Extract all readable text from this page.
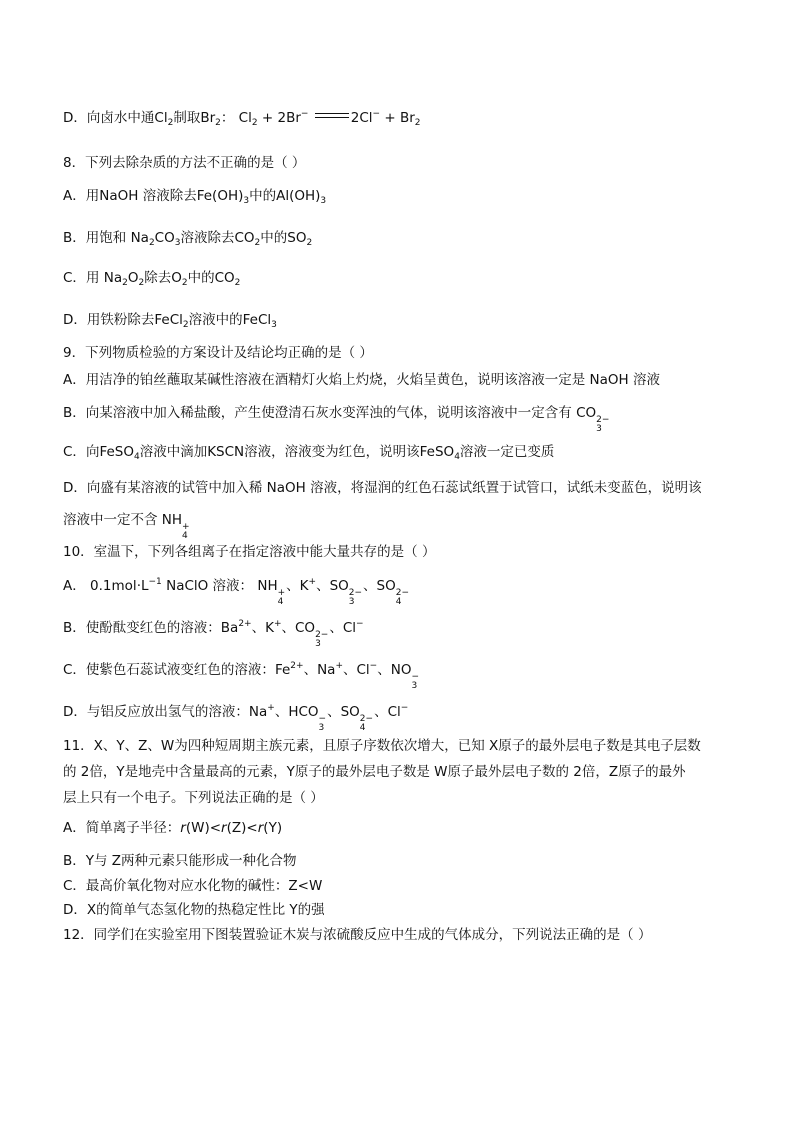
D．向卤水中通$Cl_2$制取$Br_2$： $Cl_2 + 2Br^-$	$2Cl^- + Br_2$
8．下列去除杂质的方法不正确的是（ ）
A．用NaOH 溶液除去$Fe(OH)_3$中的$Al(OH)_3$
B．用饱和 $Na_2CO_3$溶液除去$CO_2$中的$SO_2$
C．用 $Na_2O_2$除去$O_2$中的$CO_2$
D．用铁粉除去FeCl$_2$溶液中的FeCl$_3$
9．下列物质检验的方案设计及结论均正确的是（ ）
A．用洁净的铂丝蘸取某碱性溶液在酒精灯火焰上灼烧，火焰呈黄色，说明该溶液一定是 NaOH 溶液
B．向某溶液中加入稀盐酸，产生使澄清石灰水变浑浊的气体，说明该溶液中一定含有 CO 2−
3
C．向FeSO$_4$溶液中滴加KSCN溶液，溶液变为红色，说明该FeSO$_4$溶液一定已变质
D．向盛有某溶液的试管中加入稀 NaOH 溶液，将湿润的红色石蕊试纸置于试管口，试纸未变蓝色，说明该
溶液中一定不含 NH +
4
10．室温下，下列各组离子在指定溶液中能大量共存的是（ ）
A． $0.1mol\cdot L^{-1}$ NaClO 溶液： NH +
4
、K+、SO 2−
3
、SO 2−
4
B．使酚酞变红色的溶液：$Ba^{2+}$、K+、CO 2−
3
、Cl−
C．使紫色石蕊试液变红色的溶液：$Fe^{2+}$、Na+、Cl−、NO −
3
D．与铝反应放出氢气的溶液：Na+、HCO −
3
、SO 2−
4
、Cl−
11．X、Y、Z、W为四种短周期主族元素，且原子序数依次增大，已知 X原子的最外层电子数是其电子层数
的 2倍，Y是地壳中含量最高的元素，Y原子的最外层电子数是 W原子最外层电子数的 2倍，Z原子的最外
层上只有一个电子。下列说法正确的是（ ）
A．简单离子半径：r(W)<r(Z)<r(Y)
B．Y与 Z两种元素只能形成一种化合物
C．最高价氧化物对应水化物的碱性：Z<W
D．X的简单气态氢化物的热稳定性比 Y的强
12．同学们在实验室用下图装置验证木炭与浓硫酸反应中生成的气体成分，下列说法正确的是（ ）
